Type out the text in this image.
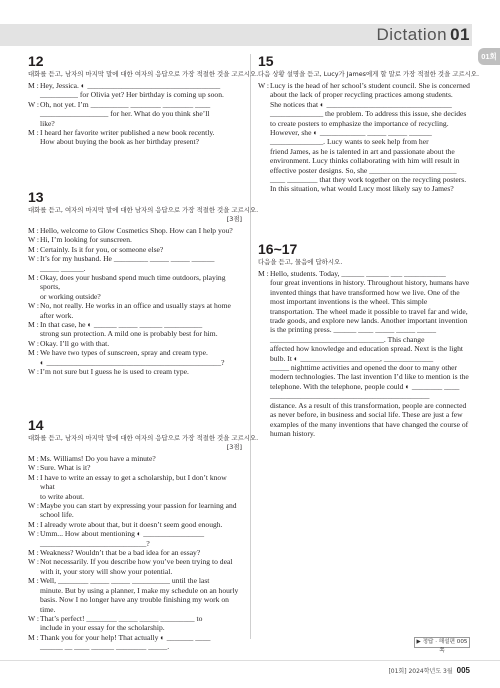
Dictation 01
01회
12
대화를 듣고, 남자의 마지막 말에 대한 여자의 응답으로 가장 적절한 것을 고르시오.
M : Hey, Jessica. ◐ ___________________________________
__________ for Olivia yet? Her birthday is coming up soon.
W : Oh, not yet. I’m __________ ________ ________ ____
__________________ for her. What do you think she’ll
like?
M : I heard her favorite writer published a new book recently.
How about buying the book as her birthday present?
13
대화를 듣고, 여자의 마지막 말에 대한 남자의 응답으로 가장 적절한 것을 고르시오.
[3점]
M : Hello, welcome to Glow Cosmetics Shop. How can I help you?
W : Hi, I’m looking for sunscreen.
M : Certainly. Is it for you, or someone else?
W : It’s for my husband. He _________ _____ _____ ______
_____ ______.
M : Okay, does your husband spend much time outdoors, playing sports,
or working outside?
W : No, not really. He works in an office and usually stays at home
after work.
M : In that case, he ◐ ______ _____ ______ __________
strong sun protection. A mild one is probably best for him.
W : Okay. I’ll go with that.
M : We have two types of sunscreen, spray and cream type.
◐ ______________________________________________?
W : I’m not sure but I guess he is used to cream type.
14
대화를 듣고, 남자의 마지막 말에 대한 여자의 응답으로 가장 적절한 것을 고르시오.
[3점]
M : Ms. Williams! Do you have a minute?
W : Sure. What is it?
M : I have to write an essay to get a scholarship, but I don’t know what
to write about.
W : Maybe you can start by expressing your passion for learning and
school life.
M : I already wrote about that, but it doesn’t seem good enough.
W : Umm... How about mentioning ◐ ________________
____________________________?
M : Weakness? Wouldn’t that be a bad idea for an essay?
W : Not necessarily. If you describe how you’ve been trying to deal
with it, your story will show your potential.
M : Well, ________ _____ _____ __________ until the last
minute. But by using a planner, I make my schedule on an hourly
basis. Now I no longer have any trouble finishing my work on time.
W : That’s perfect! ________ _____ _____ _________ to
include in your essay for the scholarship.
M : Thank you for your help! That actually ◐ _______ ____
______ __ ____ ______ ________ _____.
15
다음 상황 설명을 듣고, Lucy가 James에게 할 말로 가장 적절한 것을 고르시오.
W : Lucy is the head of her school’s student council. She is concerned
about the lack of proper recycling practices among students.
She notices that ◐ _________________________________
______________ the problem. To address this issue, she decides
to create posters to emphasize the importance of recycling.
However, she ◐ ____________ _____ _____ ______
______________. Lucy wants to seek help from her
friend James, as he is talented in art and passionate about the
environment. Lucy thinks collaborating with him will result in
effective poster designs. So, she _______________________
____ ________ that they work together on the recycling posters.
In this situation, what would Lucy most likely say to James?
16~17
다음을 듣고, 물음에 답하시오.
M : Hello, students. Today, ______ ______ ___ ___________
four great inventions in history. Throughout history, humans have
invented things that have transformed how we live. One of the
most important inventions is the wheel. This simple
transportation. The wheel made it possible to travel far and wide,
trade goods, and explore new lands. Another important invention
is the printing press. ______ ____ _____ _____ _____
______________________________. This change
affected how knowledge and education spread. Next is the light
bulb. It ◐ _____________________, _____________
_____ nighttime activities and opened the door to many other
modern technologies. The last invention I’d like to mention is the
telephone. With the telephone, people could ◐ ________ ____
__________________________________________
distance. As a result of this transformation, people are connected
as never before, in business and social life. These are just a few
examples of the many inventions that have changed the course of
human history.
▶ 정답 · 해설편 005쪽
[01회] 2024학년도 3월 005
